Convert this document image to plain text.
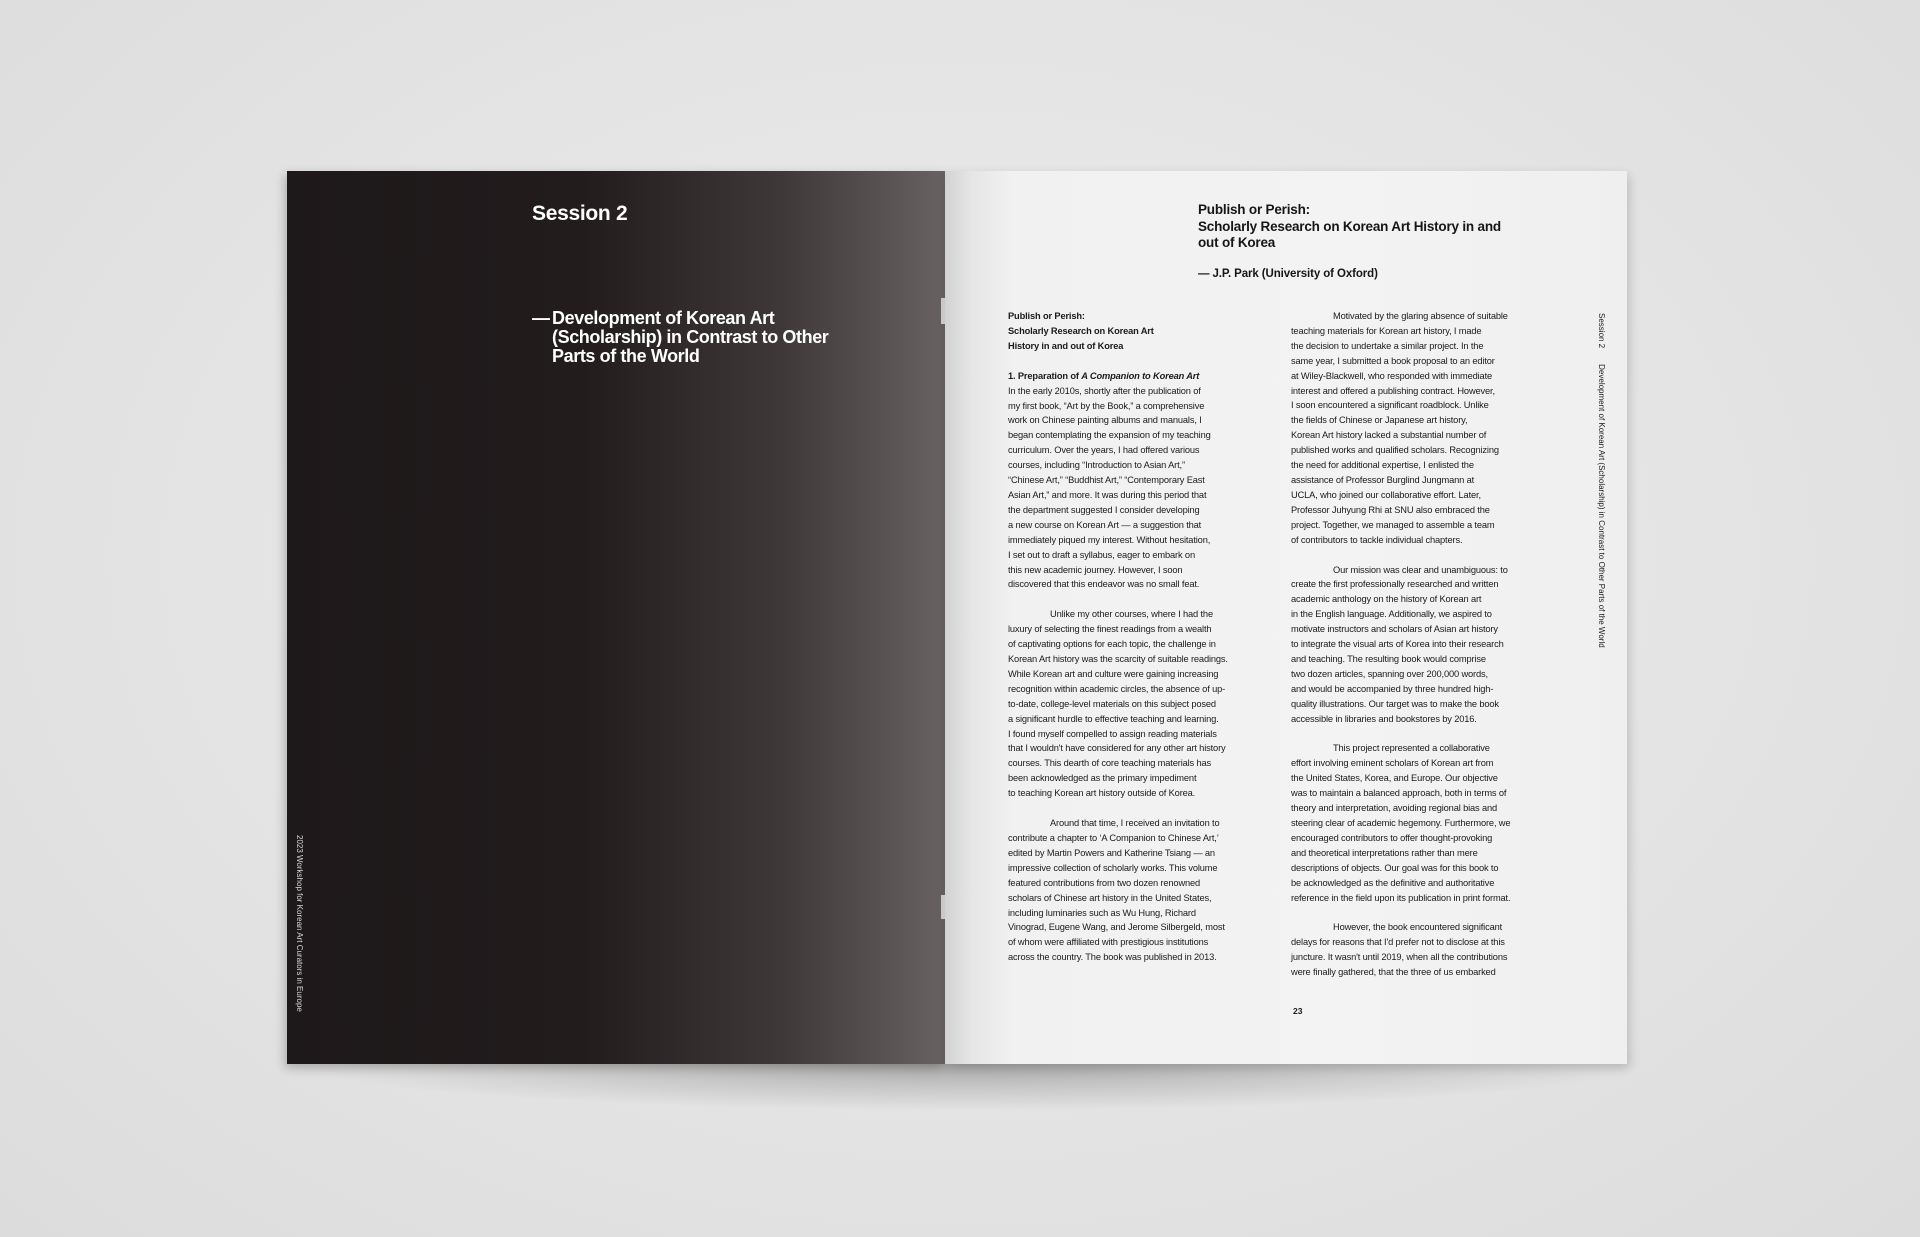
Session 2
— Development of Korean Art
(Scholarship) in Contrast to Other
Parts of the World
2023 Workshop for Korean Art Curators in Europe
Publish or Perish:
Scholarly Research on Korean Art History in and
out of Korea
— J.P. Park (University of Oxford)
Publish or Perish:
Scholarly Research on Korean Art
History in and out of Korea
1. Preparation of A Companion to Korean Art
In the early 2010s, shortly after the publication of
my first book, “Art by the Book,” a comprehensive
work on Chinese painting albums and manuals, I
began contemplating the expansion of my teaching
curriculum. Over the years, I had offered various
courses, including “Introduction to Asian Art,”
“Chinese Art,” “Buddhist Art,” “Contemporary East
Asian Art,” and more. It was during this period that
the department suggested I consider developing
a new course on Korean Art — a suggestion that
immediately piqued my interest. Without hesitation,
I set out to draft a syllabus, eager to embark on
this new academic journey. However, I soon
discovered that this endeavor was no small feat.
Unlike my other courses, where I had the
luxury of selecting the finest readings from a wealth
of captivating options for each topic, the challenge in
Korean Art history was the scarcity of suitable readings.
While Korean art and culture were gaining increasing
recognition within academic circles, the absence of up-
to-date, college-level materials on this subject posed
a significant hurdle to effective teaching and learning.
I found myself compelled to assign reading materials
that I wouldn't have considered for any other art history
courses. This dearth of core teaching materials has
been acknowledged as the primary impediment
to teaching Korean art history outside of Korea.
Around that time, I received an invitation to
contribute a chapter to ‘A Companion to Chinese Art,’
edited by Martin Powers and Katherine Tsiang — an
impressive collection of scholarly works. This volume
featured contributions from two dozen renowned
scholars of Chinese art history in the United States,
including luminaries such as Wu Hung, Richard
Vinograd, Eugene Wang, and Jerome Silbergeld, most
of whom were affiliated with prestigious institutions
across the country. The book was published in 2013.
Motivated by the glaring absence of suitable
teaching materials for Korean art history, I made
the decision to undertake a similar project. In the
same year, I submitted a book proposal to an editor
at Wiley-Blackwell, who responded with immediate
interest and offered a publishing contract. However,
I soon encountered a significant roadblock. Unlike
the fields of Chinese or Japanese art history,
Korean Art history lacked a substantial number of
published works and qualified scholars. Recognizing
the need for additional expertise, I enlisted the
assistance of Professor Burglind Jungmann at
UCLA, who joined our collaborative effort. Later,
Professor Juhyung Rhi at SNU also embraced the
project. Together, we managed to assemble a team
of contributors to tackle individual chapters.
Our mission was clear and unambiguous: to
create the first professionally researched and written
academic anthology on the history of Korean art
in the English language. Additionally, we aspired to
motivate instructors and scholars of Asian art history
to integrate the visual arts of Korea into their research
and teaching. The resulting book would comprise
two dozen articles, spanning over 200,000 words,
and would be accompanied by three hundred high-
quality illustrations. Our target was to make the book
accessible in libraries and bookstores by 2016.
This project represented a collaborative
effort involving eminent scholars of Korean art from
the United States, Korea, and Europe. Our objective
was to maintain a balanced approach, both in terms of
theory and interpretation, avoiding regional bias and
steering clear of academic hegemony. Furthermore, we
encouraged contributors to offer thought-provoking
and theoretical interpretations rather than mere
descriptions of objects. Our goal was for this book to
be acknowledged as the definitive and authoritative
reference in the field upon its publication in print format.
However, the book encountered significant
delays for reasons that I'd prefer not to disclose at this
juncture. It wasn't until 2019, when all the contributions
were finally gathered, that the three of us embarked
Session 2Development of Korean Art (Scholarship) in Contrast to Other Parts of the World
23
